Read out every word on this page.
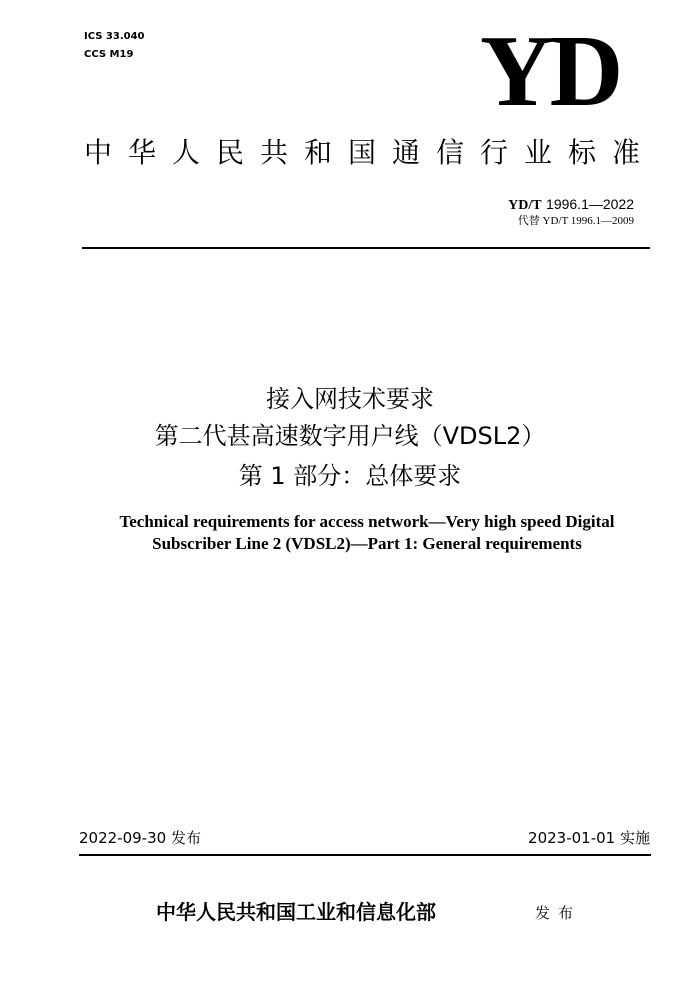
ICS 33.040
CCS M19	YD
中华人民共和国通信行业标准
YD/T 1996.1—2022
代替 YD/T 1996.1—2009
接入网技术要求
第二代甚高速数字用户线（VDSL2）
第 1 部分：总体要求
Technical requirements for access network—Very high speed Digital
Subscriber Line 2 (VDSL2)—Part 1: General requirements
2022-09-30 发布	2023-01-01 实施
中华人民共和国工业和信息化部	发布
